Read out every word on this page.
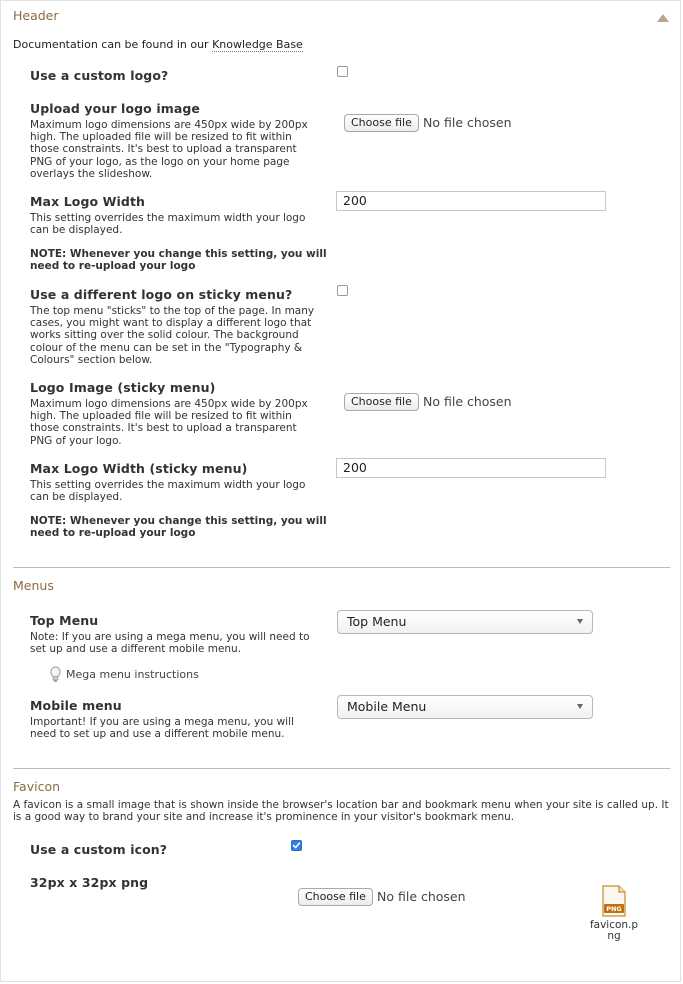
Header
Documentation can be found in our Knowledge Base
Use a custom logo?
Upload your logo image
Maximum logo dimensions are 450px wide by 200px high. The uploaded file will be resized to fit within those constraints. It's best to upload a transparent PNG of your logo, as the logo on your home page overlays the slideshow.
Choose file No file chosen
Max Logo Width
This setting overrides the maximum width your logo can be displayed.
NOTE: Whenever you change this setting, you will need to re-upload your logo
200
Use a different logo on sticky menu?
The top menu "sticks" to the top of the page. In many cases, you might want to display a different logo that works sitting over the solid colour. The background colour of the menu can be set in the "Typography & Colours" section below.
Logo Image (sticky menu)
Maximum logo dimensions are 450px wide by 200px high. The uploaded file will be resized to fit within those constraints. It's best to upload a transparent PNG of your logo.
Choose file No file chosen
Max Logo Width (sticky menu)
This setting overrides the maximum width your logo can be displayed.
NOTE: Whenever you change this setting, you will need to re-upload your logo
200
Menus
Top Menu
Note: If you are using a mega menu, you will need to set up and use a different mobile menu.
Top Menu
Mega menu instructions
Mobile menu
Important! If you are using a mega menu, you will need to set up and use a different mobile menu.
Mobile Menu
Favicon
A favicon is a small image that is shown inside the browser's location bar and bookmark menu when your site is called up. It is a good way to brand your site and increase it's prominence in your visitor's bookmark menu.
Use a custom icon?
32px x 32px png
Choose file No file chosen
PNG
favicon.png
